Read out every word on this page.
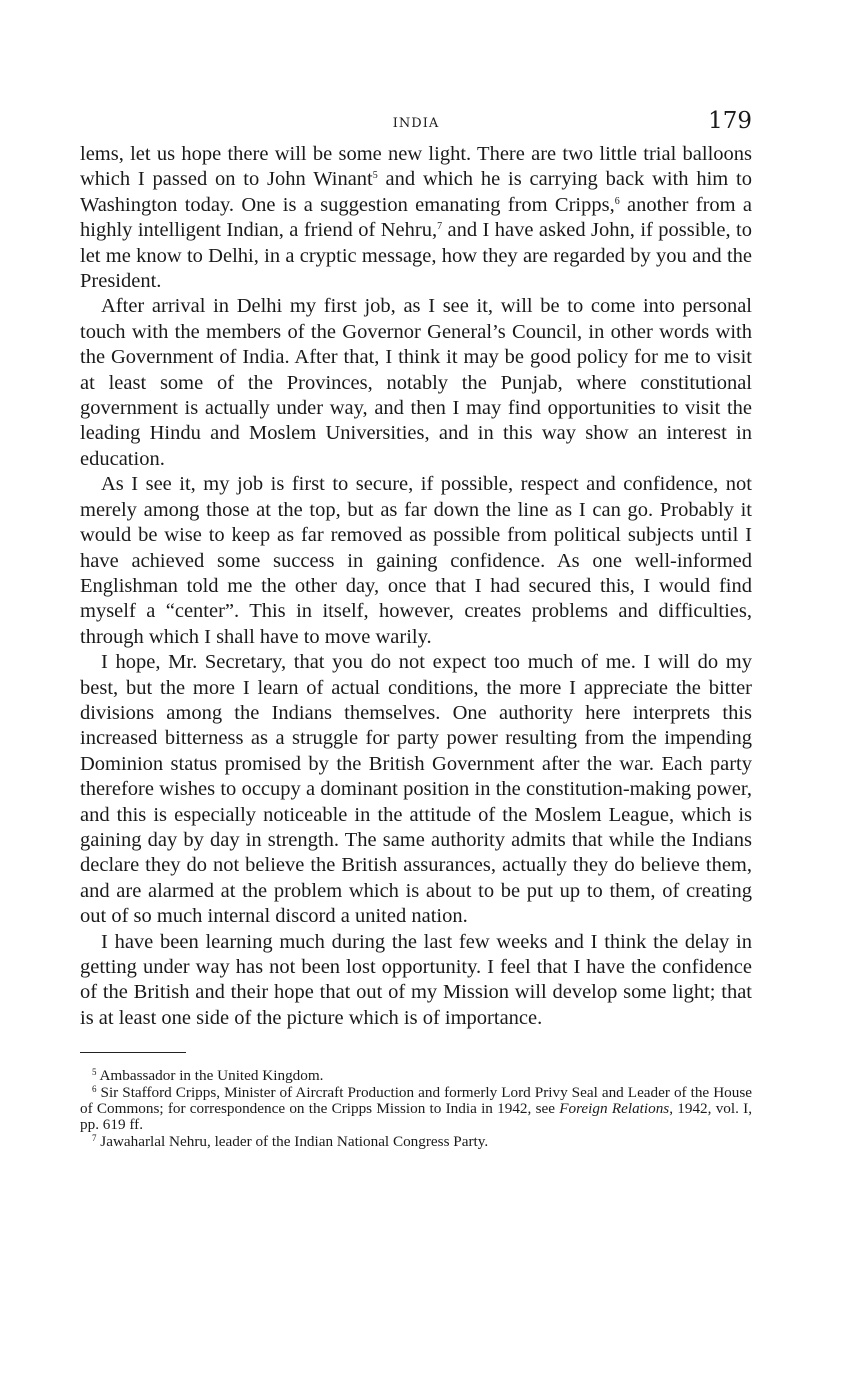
INDIA	179

lems, let us hope there will be some new light. There are two little trial balloons which I passed on to John Winant$^5$ and which he is carrying back with him to Washington today. One is a suggestion emanating from Cripps,$^6$ another from a highly intelligent Indian, a friend of Nehru,$^7$ and I have asked John, if possible, to let me know to Delhi, in a cryptic message, how they are regarded by you and the President.

After arrival in Delhi my first job, as I see it, will be to come into personal touch with the members of the Governor General’s Council, in other words with the Government of India. After that, I think it may be good policy for me to visit at least some of the Provinces, notably the Punjab, where constitutional government is actually under way, and then I may find opportunities to visit the leading Hindu and Moslem Universities, and in this way show an interest in education.

As I see it, my job is first to secure, if possible, respect and confidence, not merely among those at the top, but as far down the line as I can go. Probably it would be wise to keep as far removed as possible from political subjects until I have achieved some success in gaining confidence. As one well-informed Englishman told me the other day, once that I had secured this, I would find myself a “center”. This in itself, however, creates problems and difficulties, through which I shall have to move warily.

I hope, Mr. Secretary, that you do not expect too much of me. I will do my best, but the more I learn of actual conditions, the more I appreciate the bitter divisions among the Indians themselves. One authority here interprets this increased bitterness as a struggle for party power resulting from the impending Dominion status promised by the British Government after the war. Each party therefore wishes to occupy a dominant position in the constitution-making power, and this is especially noticeable in the attitude of the Moslem League, which is gaining day by day in strength. The same authority admits that while the Indians declare they do not believe the British assurances, actually they do believe them, and are alarmed at the problem which is about to be put up to them, of creating out of so much internal discord a united nation.

I have been learning much during the last few weeks and I think the delay in getting under way has not been lost opportunity. I feel that I have the confidence of the British and their hope that out of my Mission will develop some light; that is at least one side of the picture which is of importance.

$^5$ Ambassador in the United Kingdom.

$^6$ Sir Stafford Cripps, Minister of Aircraft Production and formerly Lord Privy Seal and Leader of the House of Commons; for correspondence on the Cripps Mission to India in 1942, see Foreign Relations, 1942, vol. I, pp. 619 ff.

$^7$ Jawaharlal Nehru, leader of the Indian National Congress Party.
